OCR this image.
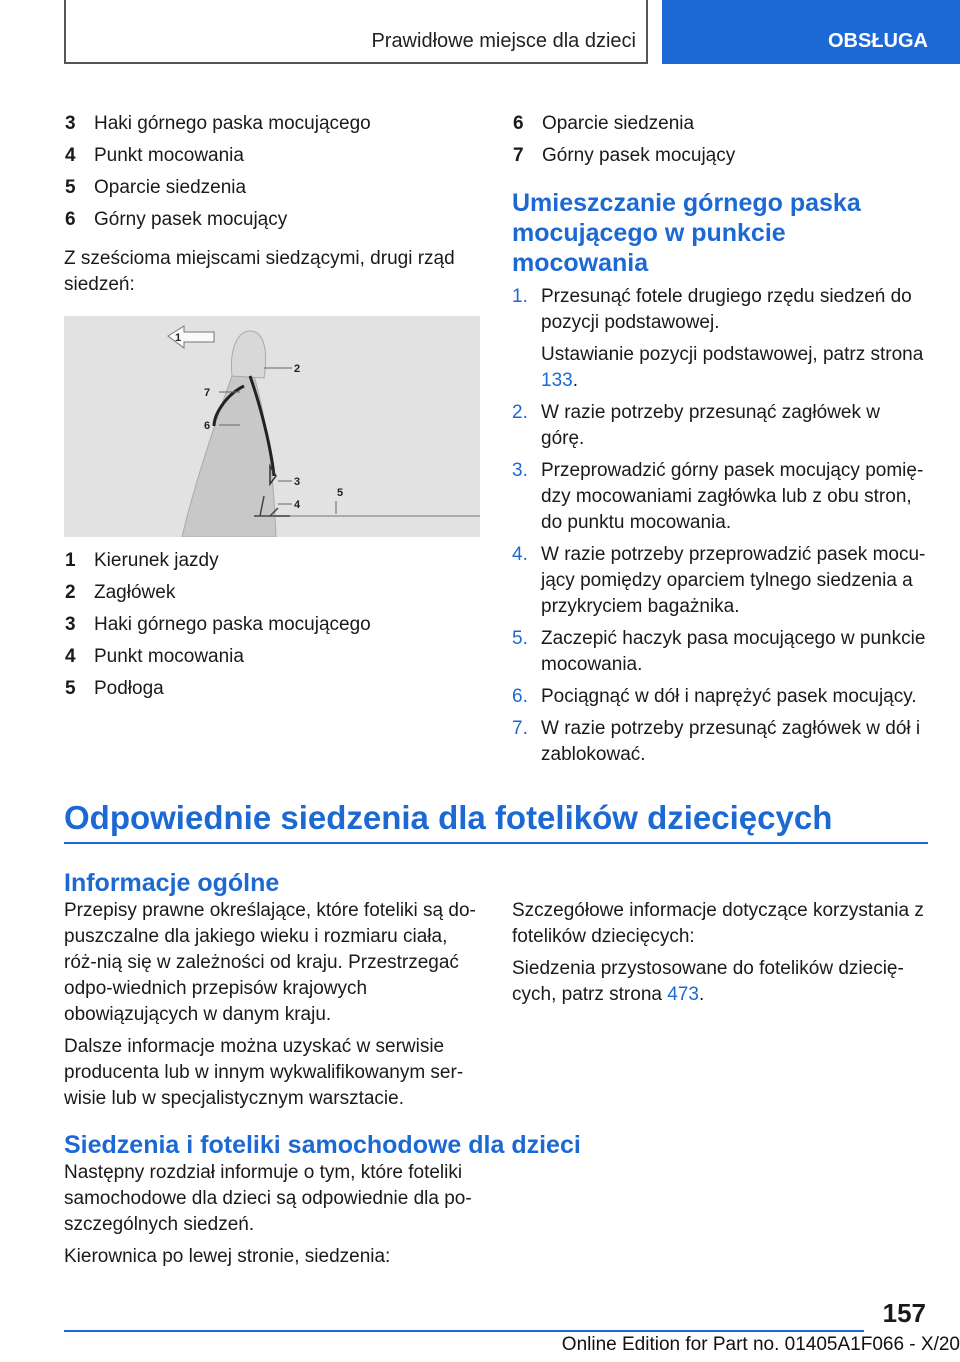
Prawidłowe miejsce dla dzieci	OBSŁUGA
3 Haki górnego paska mocującego
4 Punkt mocowania
5 Oparcie siedzenia
6 Górny pasek mocujący

Z sześcioma miejscami siedzącymi, drugi rząd siedzeń:

1
2
7
6
3
4
5
1 Kierunek jazdy
2 Zagłówek
3 Haki górnego paska mocującego
4 Punkt mocowania
5 Podłoga
6 Oparcie siedzenia
7 Górny pasek mocujący
Umieszczanie górnego paska mocującego w punkcie mocowania
1. Przesunąć fotele drugiego rzędu siedzeń do pozycji podstawowej.
Ustawianie pozycji podstawowej, patrz strona 133.
2. W razie potrzeby przesunąć zagłówek w górę.
3. Przeprowadzić górny pasek mocujący pomię‐dzy mocowaniami zagłówka lub z obu stron, do punktu mocowania.
4. W razie potrzeby przeprowadzić pasek mocu‐jący pomiędzy oparciem tylnego siedzenia a przykryciem bagażnika.
5. Zaczepić haczyk pasa mocującego w punkcie mocowania.
6. Pociągnąć w dół i naprężyć pasek mocujący.
7. W razie potrzeby przesunąć zagłówek w dół i zablokować.
Odpowiednie siedzenia dla fotelików dziecięcych
Informacje ogólne

Przepisy prawne określające, które foteliki są do‐puszczalne dla jakiego wieku i rozmiaru ciała, róż‐nią się w zależności od kraju. Przestrzegać odpo‐wiednich przepisów krajowych obowiązujących w danym kraju.

Dalsze informacje można uzyskać w serwisie producenta lub w innym wykwalifikowanym ser‐wisie lub w specjalistycznym warsztacie.

Szczegółowe informacje dotyczące korzystania z fotelików dziecięcych:

Siedzenia przystosowane do fotelików dziecię‐cych, patrz strona 473.

Siedzenia i foteliki samochodowe dla dzieci

Następny rozdział informuje o tym, które foteliki samochodowe dla dzieci są odpowiednie dla po‐szczególnych siedzeń.

Kierownica po lewej stronie, siedzenia:

157
Online Edition for Part no. 01405A1F066 - X/20
